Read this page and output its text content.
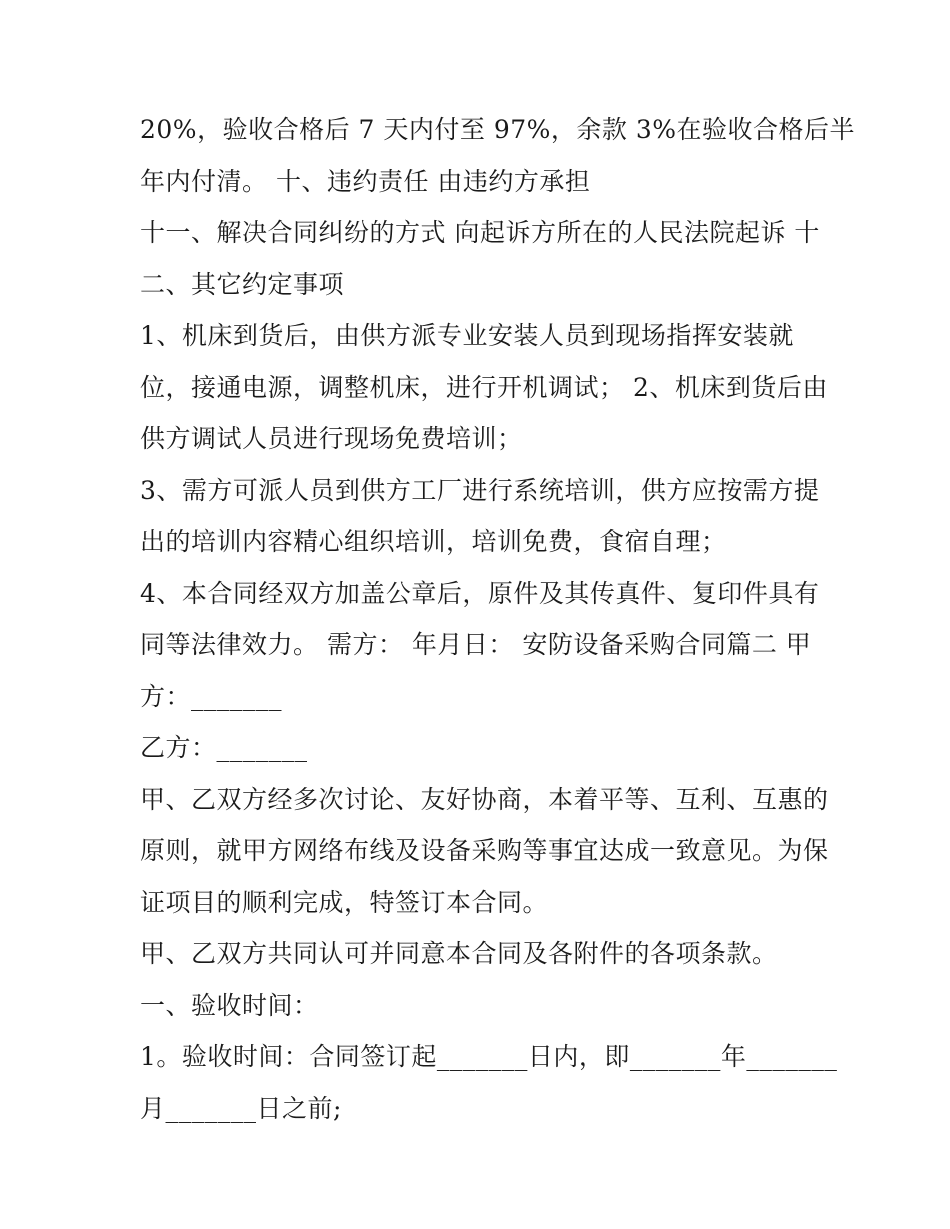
20%，验收合格后 7 天内付至 97%，余款 3%在验收合格后半
年内付清。 十、违约责任 由违约方承担
十一、解决合同纠纷的方式 向起诉方所在的人民法院起诉 十
二、其它约定事项
1、机床到货后，由供方派专业安装人员到现场指挥安装就
位，接通电源，调整机床，进行开机调试； 2、机床到货后由
供方调试人员进行现场免费培训；
3、需方可派人员到供方工厂进行系统培训，供方应按需方提
出的培训内容精心组织培训，培训免费，食宿自理；
4、本合同经双方加盖公章后，原件及其传真件、复印件具有
同等法律效力。 需方： 年月日： 安防设备采购合同篇二 甲
方：_______
乙方：_______
甲、乙双方经多次讨论、友好协商，本着平等、互利、互惠的
原则，就甲方网络布线及设备采购等事宜达成一致意见。为保
证项目的顺利完成，特签订本合同。
甲、乙双方共同认可并同意本合同及各附件的各项条款。
一、验收时间：
1。验收时间：合同签订起_______日内，即_______年_______
月_______日之前;
